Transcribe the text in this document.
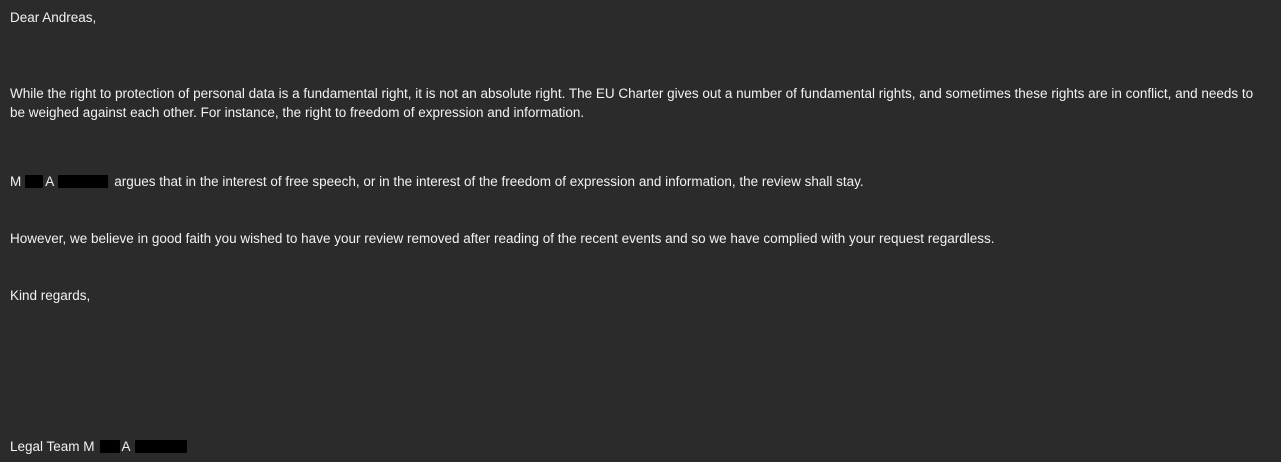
Dear Andreas,

While the right to protection of personal data is a fundamental right, it is not an absolute right. The EU Charter gives out a number of fundamental rights, and sometimes these rights are in conflict, and needs to be weighed against each other. For instance, the right to freedom of expression and information.

M A	argues that in the interest of free speech, or in the interest of the freedom of expression and information, the review shall stay.

However, we believe in good faith you wished to have your review removed after reading of the recent events and so we have complied with your request regardless.

Kind regards,

Legal Team M A
